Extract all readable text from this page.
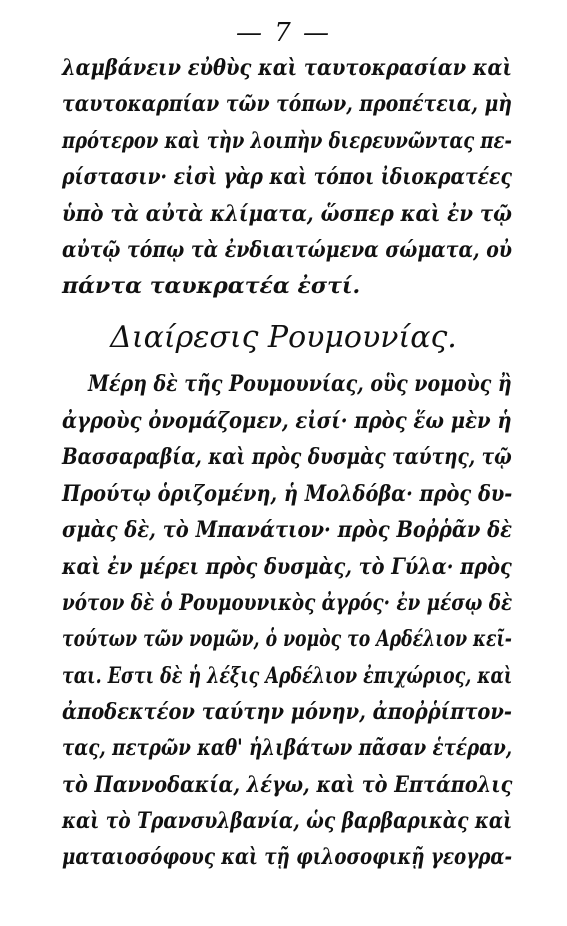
— 7 —
λαμβάνειν εὐθὺς καὶ ταυτοκρασίαν καὶ
ταυτοκαρπίαν τῶν τόπων, προπέτεια, μὴ
πρότερον καὶ τὴν λοιπὴν διερευνῶντας πε-
ρίστασιν· εἰσὶ γὰρ καὶ τόποι ἰδιοκρατέες
ὑπὸ τὰ αὐτὰ κλίματα, ὥσπερ καὶ ἐν τῷ
αὐτῷ τόπῳ τὰ ἐνδιαιτώμενα σώματα, οὐ
πάντα ταυκρατέα ἐστί.
Διαίρεσις Ρουμουνίας.
Μέρη δὲ τῆς Ρουμουνίας, οὓς νομοὺς ἢ
ἀγροὺς ὀνομάζομεν, εἰσί· πρὸς ἕω μὲν ἡ
Βασσαραβία, καὶ πρὸς δυσμὰς ταύτης, τῷ
Προύτῳ ὁριζομένη, ἡ Μολδόβα· πρὸς δυ-
σμὰς δὲ, τὸ Μπανάτιον· πρὸς Βοῤῥᾶν δὲ
καὶ ἐν μέρει πρὸς δυσμὰς, τὸ Γύλα· πρὸς
νότον δὲ ὁ Ρουμουνικὸς ἀγρός· ἐν μέσῳ δὲ
τούτων τῶν νομῶν, ὁ νομὸς το Αρδέλιον κεῖ-
ται. Εστι δὲ ἡ λέξις Αρδέλιον ἐπιχώριος, καὶ
ἀποδεκτέον ταύτην μόνην, ἀποῤῥίπτον-
τας, πετρῶν καθ' ἡλιβάτων πᾶσαν ἑτέραν,
τὸ Παννοδακία, λέγω, καὶ τὸ Επτάπολις
καὶ τὸ Τρανσυλβανία, ὡς βαρβαρικὰς καὶ
ματαιοσόφους καὶ τῇ φιλοσοφικῇ γεογρα-
